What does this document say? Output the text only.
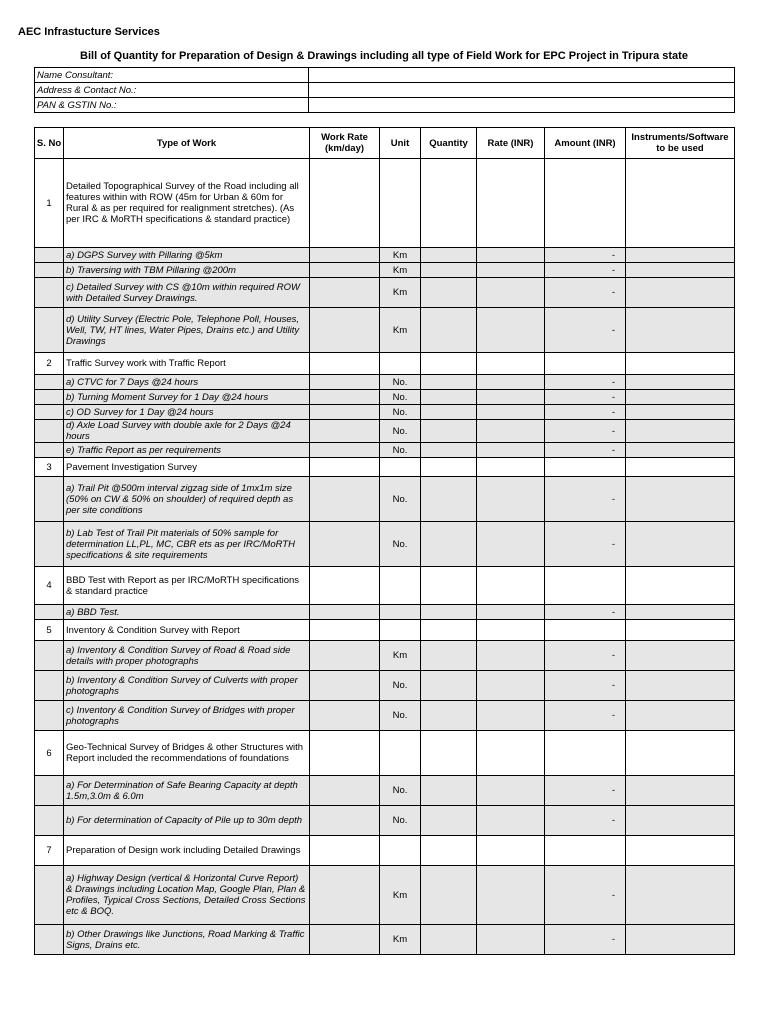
AEC Infrastucture Services
Bill of Quantity for Preparation of Design & Drawings including all type of Field Work for EPC Project in Tripura state
Name Consultant:	
Address & Contact No.:	
PAN & GSTIN No.:	
S. No	Type of Work	Work Rate (km/day)	Unit	Quantity	Rate (INR)	Amount (INR)	Instruments/Software to be used
1	Detailed Topographical Survey of the Road including all features within with ROW (45m for Urban & 60m for Rural & as per required for realignment stretches). (As per IRC & MoRTH specifications & standard practice)						
	a) DGPS Survey with Pillaring @5km		Km			-	
	b) Traversing with TBM Pillaring @200m		Km			-	
	c) Detailed Survey with CS @10m within required ROW with Detailed Survey Drawings.		Km			-	
	d) Utility Survey (Electric Pole, Telephone Poll, Houses, Well, TW, HT lines, Water Pipes, Drains etc.) and Utility Drawings		Km			-	
2	Traffic Survey work with Traffic Report						
	a) CTVC for 7 Days @24 hours		No.			-	
	b) Turning Moment Survey for 1 Day @24 hours		No.			-	
	c) OD Survey for 1 Day @24 hours		No.			-	
	d) Axle Load Survey with double axle for 2 Days @24 hours		No.			-	
	e) Traffic Report as per requirements		No.			-	
3	Pavement Investigation Survey						
	a) Trail Pit @500m interval zigzag side of 1mx1m size (50% on CW & 50% on shoulder) of required depth as per site conditions		No.			-	
	b) Lab Test of Trail Pit materials of 50% sample for determination LL,PL, MC, CBR ets as per IRC/MoRTH specifications & site requirements		No.			-	
4	BBD Test with Report as per IRC/MoRTH specifications & standard practice						
	a) BBD Test.					-	
5	Inventory & Condition Survey with Report						
	a) Inventory & Condition Survey of Road & Road side details with proper photographs		Km			-	
	b) Inventory & Condition Survey of Culverts with proper photographs		No.			-	
	c) Inventory & Condition Survey of Bridges with proper photographs		No.			-	
6	Geo-Technical Survey of Bridges & other Structures with Report included the recommendations of foundations						
	a) For Determination of Safe Bearing Capacity at depth 1.5m,3.0m & 6.0m		No.			-	
	b) For determination of Capacity of Pile up to 30m depth		No.			-	
7	Preparation of Design work including Detailed Drawings						
	a) Highway Design (vertical & Horizontal Curve Report) & Drawings including Location Map, Google Plan, Plan & Profiles, Typical Cross Sections, Detailed Cross Sections etc & BOQ.		Km			-	
	b) Other Drawings like Junctions, Road Marking & Traffic Signs, Drains etc.		Km			-	
